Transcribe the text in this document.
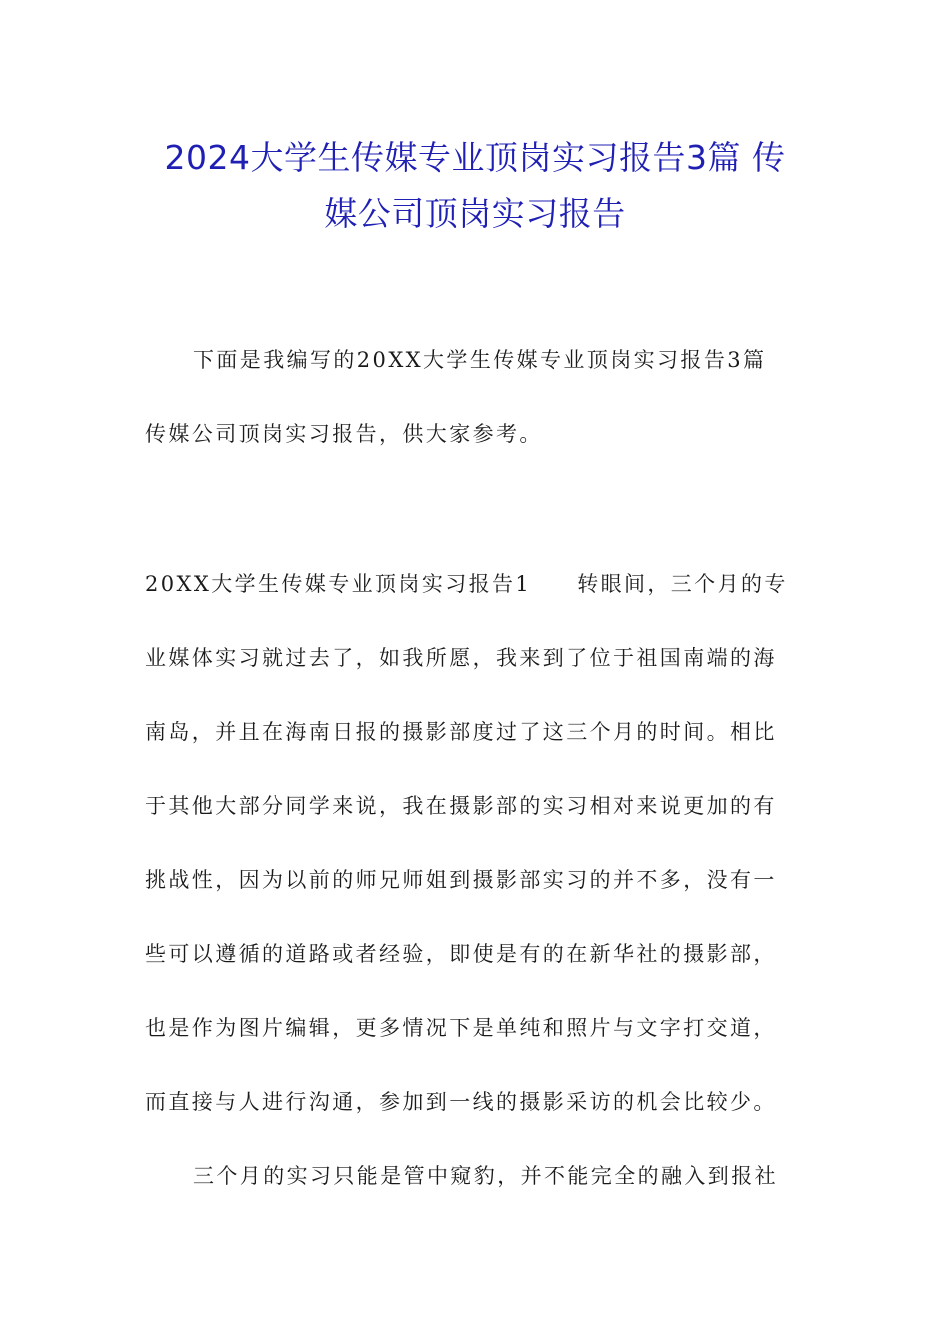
2024大学生传媒专业顶岗实习报告3篇 传
媒公司顶岗实习报告
下面是我编写的20XX大学生传媒专业顶岗实习报告3篇
传媒公司顶岗实习报告，供大家参考。
20XX大学生传媒专业顶岗实习报告1 转眼间，三个月的专
业媒体实习就过去了，如我所愿，我来到了位于祖国南端的海
南岛，并且在海南日报的摄影部度过了这三个月的时间。相比
于其他大部分同学来说，我在摄影部的实习相对来说更加的有
挑战性，因为以前的师兄师姐到摄影部实习的并不多，没有一
些可以遵循的道路或者经验，即使是有的在新华社的摄影部，
也是作为图片编辑，更多情况下是单纯和照片与文字打交道，
而直接与人进行沟通，参加到一线的摄影采访的机会比较少。
三个月的实习只能是管中窥豹，并不能完全的融入到报社
